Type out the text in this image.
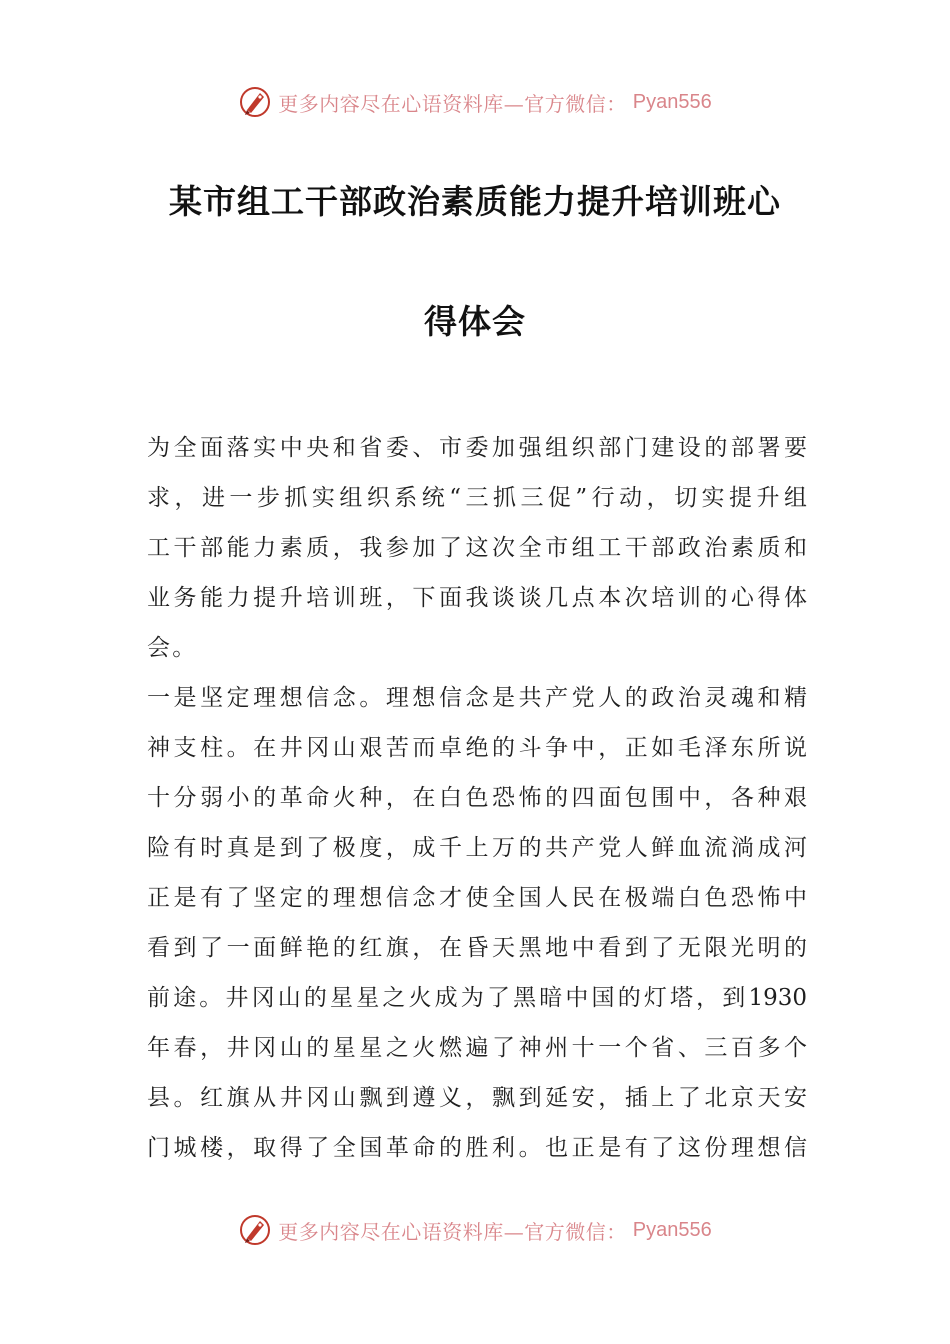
更多内容尽在心语资料库—官方微信： Pyan556
某市组工干部政治素质能力提升培训班心
得体会
为全面落实中央和省委、市委加强组织部门建设的部署要
求，进一步抓实组织系统“三抓三促”行动，切实提升组
工干部能力素质，我参加了这次全市组工干部政治素质和
业务能力提升培训班，下面我谈谈几点本次培训的心得体
会。
一是坚定理想信念。理想信念是共产党人的政治灵魂和精
神支柱。在井冈山艰苦而卓绝的斗争中，正如毛泽东所说
十分弱小的革命火种，在白色恐怖的四面包围中，各种艰
险有时真是到了极度，成千上万的共产党人鲜血流淌成河
正是有了坚定的理想信念才使全国人民在极端白色恐怖中
看到了一面鲜艳的红旗，在昏天黑地中看到了无限光明的
前途。井冈山的星星之火成为了黑暗中国的灯塔，到1930
年春，井冈山的星星之火燃遍了神州十一个省、三百多个
县。红旗从井冈山飘到遵义，飘到延安，插上了北京天安
门城楼，取得了全国革命的胜利。也正是有了这份理想信
更多内容尽在心语资料库—官方微信： Pyan556
